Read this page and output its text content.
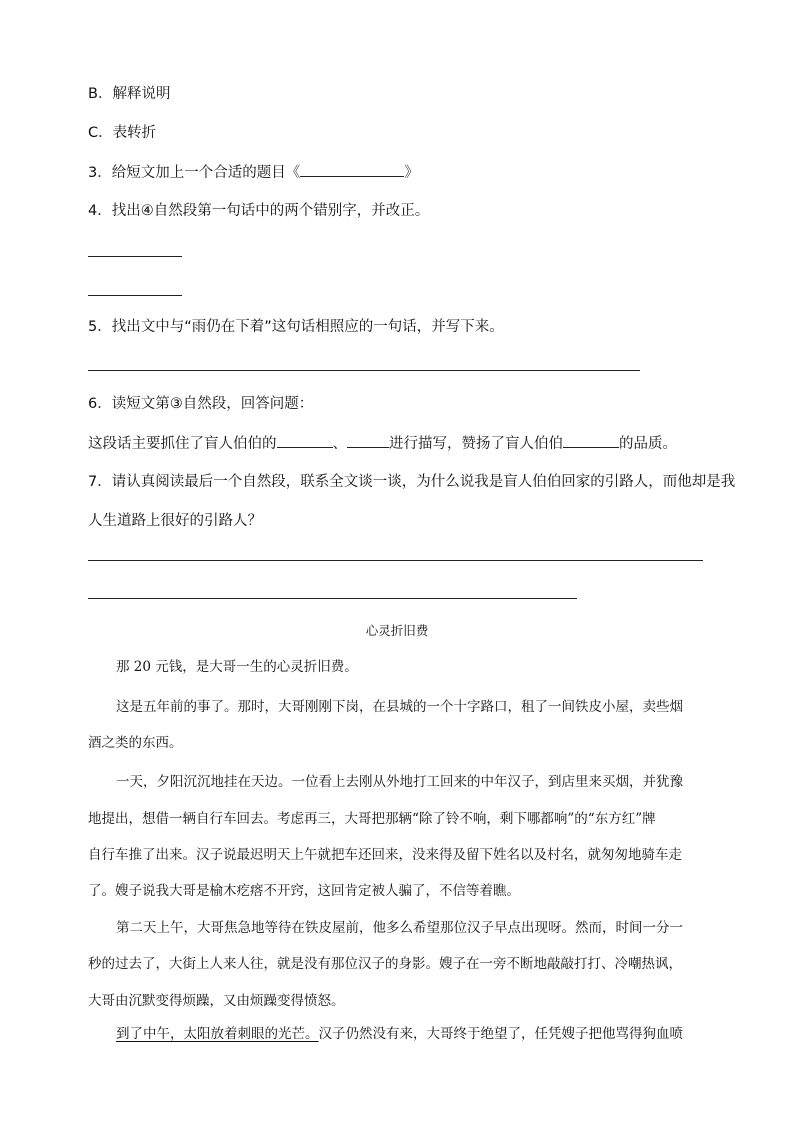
B．解释说明
C．表转折
3．给短文加上一个合适的题目《	》
4．找出④自然段第一句话中的两个错别字，并改正。
5．找出文中与“雨仍在下着”这句话相照应的一句话，并写下来。
6．读短文第③自然段，回答问题：
这段话主要抓住了盲人伯伯的	、	进行描写，赞扬了盲人伯伯	的品质。
7．请认真阅读最后一个自然段，联系全文谈一谈，为什么说我是盲人伯伯回家的引路人，而他却是我
人生道路上很好的引路人？
心灵折旧费
那 20 元钱，是大哥一生的心灵折旧费。
这是五年前的事了。那时，大哥刚刚下岗，在县城的一个十字路口，租了一间铁皮小屋，卖些烟
酒之类的东西。
一天，夕阳沉沉地挂在天边。一位看上去刚从外地打工回来的中年汉子，到店里来买烟，并犹豫
地提出，想借一辆自行车回去。考虑再三，大哥把那辆“除了铃不响，剩下哪都响”的“东方红”牌
自行车推了出来。汉子说最迟明天上午就把车还回来，没来得及留下姓名以及村名，就匆匆地骑车走
了。嫂子说我大哥是榆木疙瘩不开窍，这回肯定被人骗了，不信等着瞧。
第二天上午，大哥焦急地等待在铁皮屋前，他多么希望那位汉子早点出现呀。然而，时间一分一
秒的过去了，大街上人来人往，就是没有那位汉子的身影。嫂子在一旁不断地敲敲打打、冷嘲热讽，
大哥由沉默变得烦躁，又由烦躁变得愤怒。
到了中午，太阳放着刺眼的光芒。汉子仍然没有来，大哥终于绝望了，任凭嫂子把他骂得狗血喷
